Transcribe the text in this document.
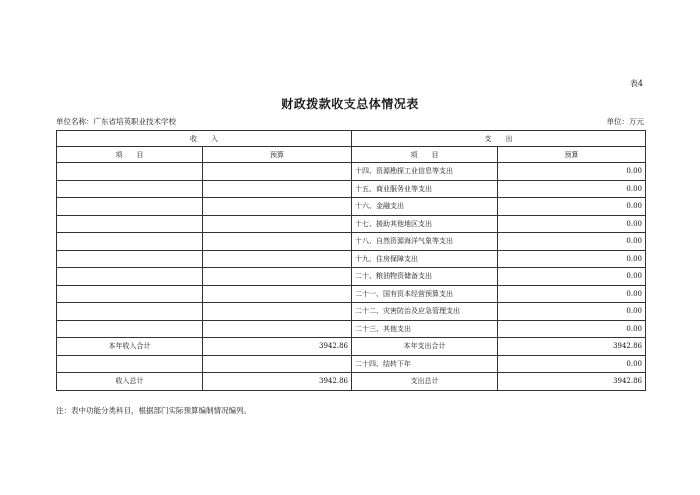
表4
财政拨款收支总体情况表
单位名称：广东省培英职业技术学校	单位：万元
收　　入		支　　出	
项　　目	预算	项　　目	预算
		十四、资源勘探工业信息等支出	0.00
		十五、商业服务业等支出	0.00
		十六、金融支出	0.00
		十七、援助其他地区支出	0.00
		十八、自然资源海洋气象等支出	0.00
		十九、住房保障支出	0.00
		二十、粮油物资储备支出	0.00
		二十一、国有资本经营预算支出	0.00
		二十二、灾害防治及应急管理支出	0.00
		二十三、其他支出	0.00
本年收入合计	3942.86	本年支出合计	3942.86
		二十四、结转下年	0.00
收入总计	3942.86	支出总计	3942.86
注：表中功能分类科目，根据部门实际预算编制情况编列。
